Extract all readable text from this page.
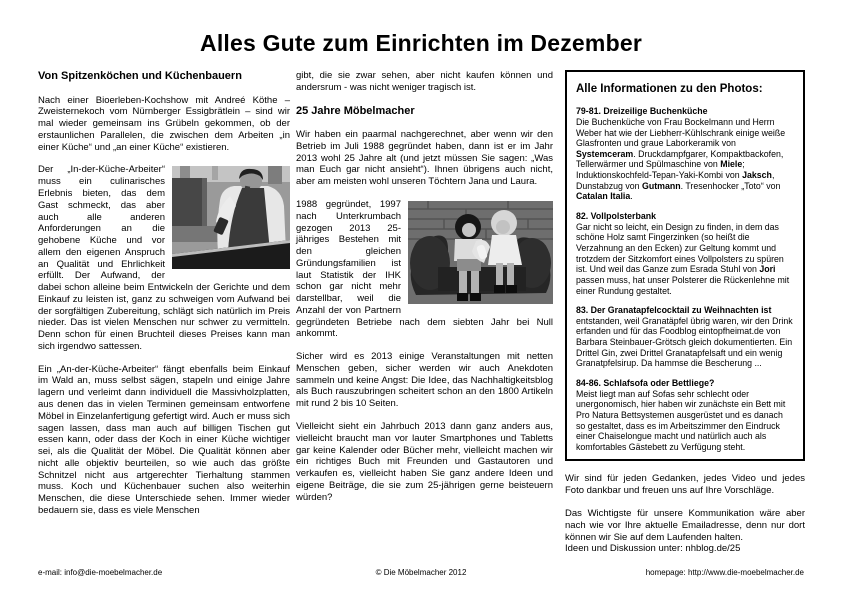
Alles Gute zum Einrichten im Dezember
Von Spitzenköchen und Küchenbauern

Nach einer Bioerleben-Kochshow mit Andreé Köthe – Zweisternekoch vom Nürnberger Essigbrätlein – sind wir mal wieder gemeinsam ins Grübeln gekommen, ob der erstaunlichen Parallelen, die zwischen dem Arbeiten „in einer Küche“ und „an einer Küche“ existieren.

Der „In-der-Küche-Arbeiter“ muss ein culinarisches Erlebnis bieten, das dem Gast schmeckt, das aber auch alle anderen Anforderungen an die gehobene Küche und vor allem den eigenen Anspruch an Qualität und Ehrlichkeit erfüllt. Der Aufwand, der dabei schon alleine beim Entwickeln der Gerichte und dem Einkauf zu leisten ist, ganz zu schweigen vom Aufwand bei der sorgfältigen Zubereitung, schlägt sich natürlich im Preis nieder. Das ist vielen Menschen nur schwer zu vermitteln. Denn schon für einen Bruchteil dieses Preises kann man sich irgendwo sattessen.

Ein „An-der-Küche-Arbeiter“ fängt ebenfalls beim Einkauf im Wald an, muss selbst sägen, stapeln und einige Jahre lagern und verleimt dann individuell die Massivholzplatten, aus denen das in vielen Terminen gemeinsam entworfene Möbel in Einzelanfertigung gefertigt wird. Auch er muss sich sagen lassen, dass man auch auf billigen Tischen gut essen kann, oder dass der Koch in einer Küche wichtiger sei, als die Qualität der Möbel. Die Qualität können aber nicht alle objektiv beurteilen, so wie auch das größte Schnitzel nicht aus artgerechter Tierhaltung stammen muss. Koch und Küchenbauer suchen also weiterhin Menschen, die diese Unterschiede sehen. Immer wieder bedauern sie, dass es viele Menschen

gibt, die sie zwar sehen, aber nicht kaufen können und andersrum - was nicht weniger tragisch ist.

25 Jahre Möbelmacher

Wir haben ein paarmal nachgerechnet, aber wenn wir den Betrieb im Juli 1988 gegründet haben, dann ist er im Jahr 2013 wohl 25 Jahre alt (und jetzt müssen Sie sagen: „Was man Euch gar nicht ansieht“). Ihnen übrigens auch nicht, aber am meisten wohl unseren Töchtern Jana und Laura.

1988 gegründet, 1997 nach Unterkrumbach gezogen 2013 25-jähriges Bestehen mit den gleichen Gründungsfamilien ist laut Statistik der IHK schon gar nicht mehr darstellbar, weil die Anzahl der von Partnern gegründeten Betriebe nach dem siebten Jahr bei Null ankommt.

Sicher wird es 2013 einige Veranstaltungen mit netten Menschen geben, sicher werden wir auch Anekdoten sammeln und keine Angst: Die Idee, das Nachhaltigkeitsblog als Buch rauszubringen scheitert schon an den 1800 Artikeln mit rund 2 bis 10 Seiten.

Vielleicht sieht ein Jahrbuch 2013 dann ganz anders aus, vielleicht braucht man vor lauter Smartphones und Tabletts gar keine Kalender oder Bücher mehr, vielleicht machen wir ein richtiges Buch mit Freunden und Gastautoren und verkaufen es, vielleicht haben Sie ganz andere Ideen und eigene Beiträge, die sie zum 25-jährigen gerne beisteuern würden?

Alle Informationen zu den Photos:
79-81. Dreizeilige Buchenküche
Die Buchenküche von Frau Bockelmann und Herrn Weber hat wie der Liebherr-Kühlschrank einige weiße Glasfronten und graue Laborkeramik von Systemceram. Druckdampfgarer, Kompaktbackofen, Tellerwärmer und Spülmaschine von Miele; Induktionskochfeld-Tepan-Yaki-Kombi von Jaksch, Dunstabzug von Gutmann. Tresenhocker „Toto“ von Catalan Italia.
82. Vollpolsterbank
Gar nicht so leicht, ein Design zu finden, in dem das schöne Holz samt Fingerzinken (so heißt die Verzahnung an den Ecken) zur Geltung kommt und trotzdem der Sitzkomfort eines Vollpolsters zu spüren ist. Und weil das Ganze zum Esrada Stuhl von Jori passen muss, hat unser Polsterer die Rückenlehne mit einer Rundung gestaltet.
83. Der Granatapfelcocktail zu Weihnachten ist
entstanden, weil Granatäpfel übrig waren, wir den Drink erfanden und für das Foodblog eintopfheimat.de von Barbara Steinbauer-Grötsch gleich dokumentierten. Ein Drittel Gin, zwei Drittel Granatapfelsaft und ein wenig Granatpfelsirup. Da hammse die Bescherung ...
84-86. Schlafsofa oder Bettliege?
Meist liegt man auf Sofas sehr schlecht oder unergonomisch, hier haben wir zunächste ein Bett mit Pro Natura Bettsystemen ausgerüstet und es danach so gestaltet, dass es im Arbeitszimmer den Eindruck einer Chaiselongue macht und natürlich auch als komfortables Gästebett zu Verfügung steht.

Wir sind für jeden Gedanken, jedes Video und jedes Foto dankbar und freuen uns auf Ihre Vorschläge.

Das Wichtigste für unsere Kommunikation wäre aber nach wie vor Ihre aktuelle Emailadresse, denn nur dort können wir Sie auf dem Laufenden halten.
Ideen und Diskussion unter: nhblog.de/25

e-mail: info@die-moebelmacher.de	© Die Möbelmacher 2012	homepage: http://www.die-moebelmacher.de
